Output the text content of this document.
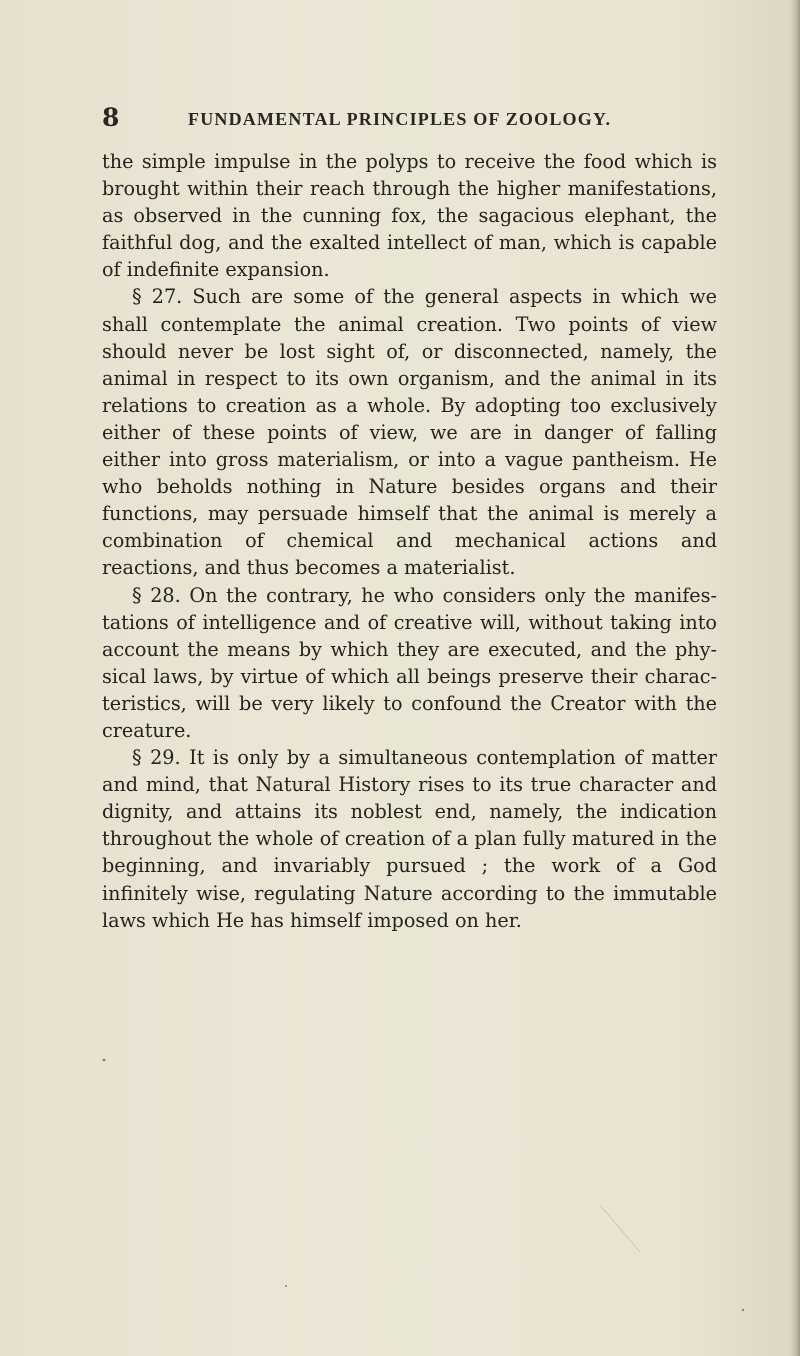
8	FUNDAMENTAL PRINCIPLES OF ZOOLOGY.

the simple impulse in the polyps to receive the food which is brought within their reach through the higher manifestations, as observed in the cunning fox, the sagacious elephant, the faithful dog, and the exalted intellect of man, which is capable of indefinite expansion.

§ 27. Such are some of the general aspects in which we shall contemplate the animal creation. Two points of view should never be lost sight of, or disconnected, namely, the animal in respect to its own organism, and the animal in its relations to creation as a whole. By adopting too exclusively either of these points of view, we are in danger of falling either into gross materialism, or into a vague pantheism. He who beholds nothing in Nature besides organs and their functions, may persuade himself that the animal is merely a combination of chemical and mechanical actions and reactions, and thus becomes a materialist.

§ 28. On the contrary, he who considers only the manifes-tations of intelligence and of creative will, without taking into account the means by which they are executed, and the phy-sical laws, by virtue of which all beings preserve their charac-teristics, will be very likely to confound the Creator with the creature.

§ 29. It is only by a simultaneous contemplation of matter and mind, that Natural History rises to its true character and dignity, and attains its noblest end, namely, the indication throughout the whole of creation of a plan fully matured in the beginning, and invariably pursued ; the work of a God infinitely wise, regulating Nature according to the immutable laws which He has himself imposed on her.
